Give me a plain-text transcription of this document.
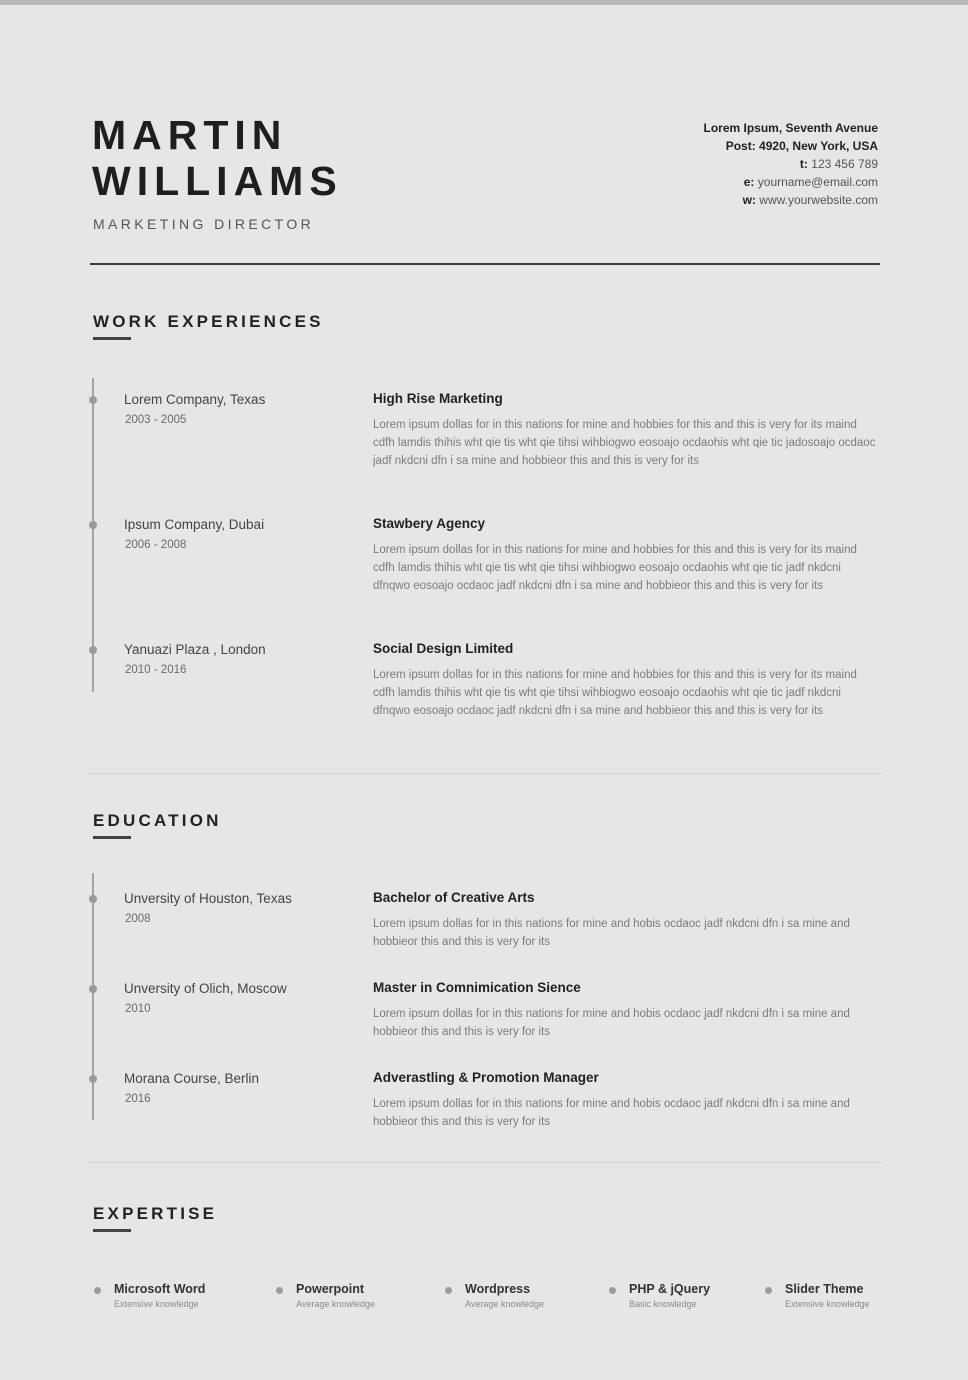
MARTIN
WILLIAMS
MARKETING DIRECTOR
Lorem Ipsum, Seventh Avenue
Post: 4920, New York, USA
t: 123 456 789
e: yourname@email.com
w: www.yourwebsite.com
WORK EXPERIENCES
Lorem Company, Texas
2003 - 2005
High Rise Marketing
Lorem ipsum dollas for in this nations for mine and hobbies for this and this is very for its maind cdfh lamdis thihis wht qie tis wht qie tihsi wihbiogwo eosoajo ocdaohis wht qie tic jadosoajo ocdaoc jadf nkdcni dfn i sa mine and hobbieor this and this is very for its
Ipsum Company, Dubai
2006 - 2008
Stawbery Agency
Lorem ipsum dollas for in this nations for mine and hobbies for this and this is very for its maind cdfh lamdis thihis wht qie tis wht qie tihsi wihbiogwo eosoajo ocdaohis wht qie tic jadf nkdcni dfnqwo eosoajo ocdaoc jadf nkdcni dfn i sa mine and hobbieor this and this is very for its
Yanuazi Plaza , London
2010 - 2016
Social Design Limited
Lorem ipsum dollas for in this nations for mine and hobbies for this and this is very for its maind cdfh lamdis thihis wht qie tis wht qie tihsi wihbiogwo eosoajo ocdaohis wht qie tic jadf nkdcni dfnqwo eosoajo ocdaoc jadf nkdcni dfn i sa mine and hobbieor this and this is very for its
EDUCATION
Unversity of Houston, Texas
2008
Bachelor of Creative Arts
Lorem ipsum dollas for in this nations for mine and hobis ocdaoc jadf nkdcni dfn i sa mine and hobbieor this and this is very for its
Unversity of Olich, Moscow
2010
Master in Comnimication Sience
Lorem ipsum dollas for in this nations for mine and hobis ocdaoc jadf nkdcni dfn i sa mine and hobbieor this and this is very for its
Morana Course, Berlin
2016
Adverastling & Promotion Manager
Lorem ipsum dollas for in this nations for mine and hobis ocdaoc jadf nkdcni dfn i sa mine and hobbieor this and this is very for its
EXPERTISE
Microsoft Word
Extensive knowledge
Powerpoint
Average knowledge
Wordpress
Average knowledge
PHP & jQuery
Basic knowledge
Slider Theme
Extensive knowledge
